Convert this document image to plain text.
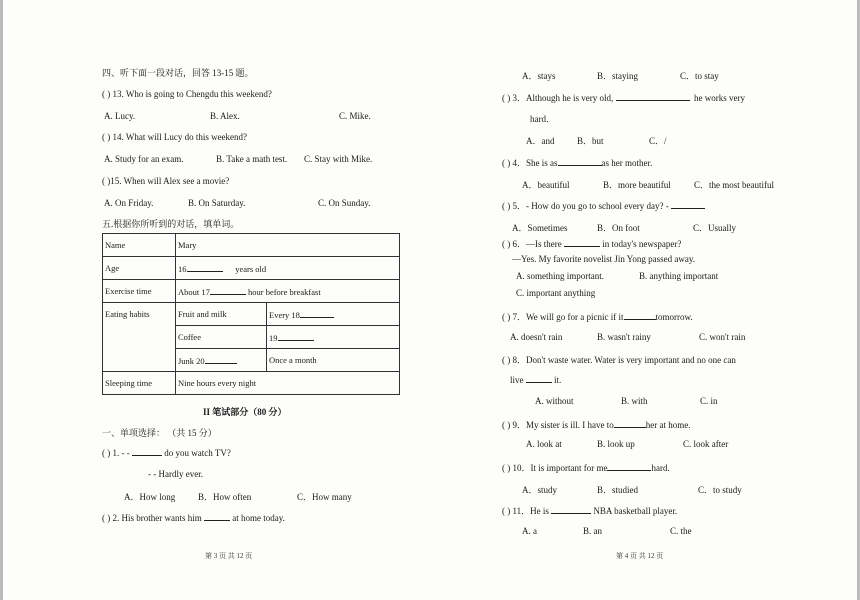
四、听下面一段对话，回答 13-15 题。
( ) 13. Who is going to Chengdu this weekend?
A. Lucy.	B. Alex.	C. Mike.
( ) 14. What will Lucy do this weekend?
A. Study for an exam.	B. Take a math test. C. Stay with Mike.
( )15. When will Alex see a movie?
A. On Friday.	B. On Saturday.	C. On Sunday.
五.根据你所听到的对话，填单词。
Name	Mary	
Age	16 years old	
Exercise time	About 17 hour before breakfast	
Eating habits	Fruit and milk	Every 18
	Coffee	19
	Junk 20	Once a month
Sleeping time	Nine hours every night	
II 笔试部分（80 分）
一、单项选择： （共 15 分）
( ) 1. - -	do you watch TV?
- - Hardly ever.
A．How long	B．How often	C．How many
( ) 2. His brother wants him	at home today.
第 3 页 共 12 页
A．stays	B．staying	C．to stay
( ) 3．Although he is very old,	he works very
hard．
A．and	B．but	C．/
( ) 4．She is as	as her mother.
A．beautiful	B．more beautiful	C．the most beautiful
( ) 5．- How do you go to school every day? -
A．Sometimes	B．On foot	C．Usually
( ) 6．—Is there	in today's newspaper?
—Yes. My favorite novelist Jin Yong passed away.
A. something important.	B. anything important
C. important anything
( ) 7．We will go for a picnic if it	tomorrow.
A. doesn't rain	B. wasn't rainy	C. won't rain
( ) 8．Don't waste water. Water is very important and no one can
live	it.
A. without	B. with	C. in
( ) 9．My sister is ill. I have to	her at home.
A. look at	B. look up	C. look after
( ) 10．It is important for me	hard.
A．study	B．studied	C．to study
( ) 11．He is	NBA basketball player.
A. a	B. an	C. the
第 4 页 共 12 页
